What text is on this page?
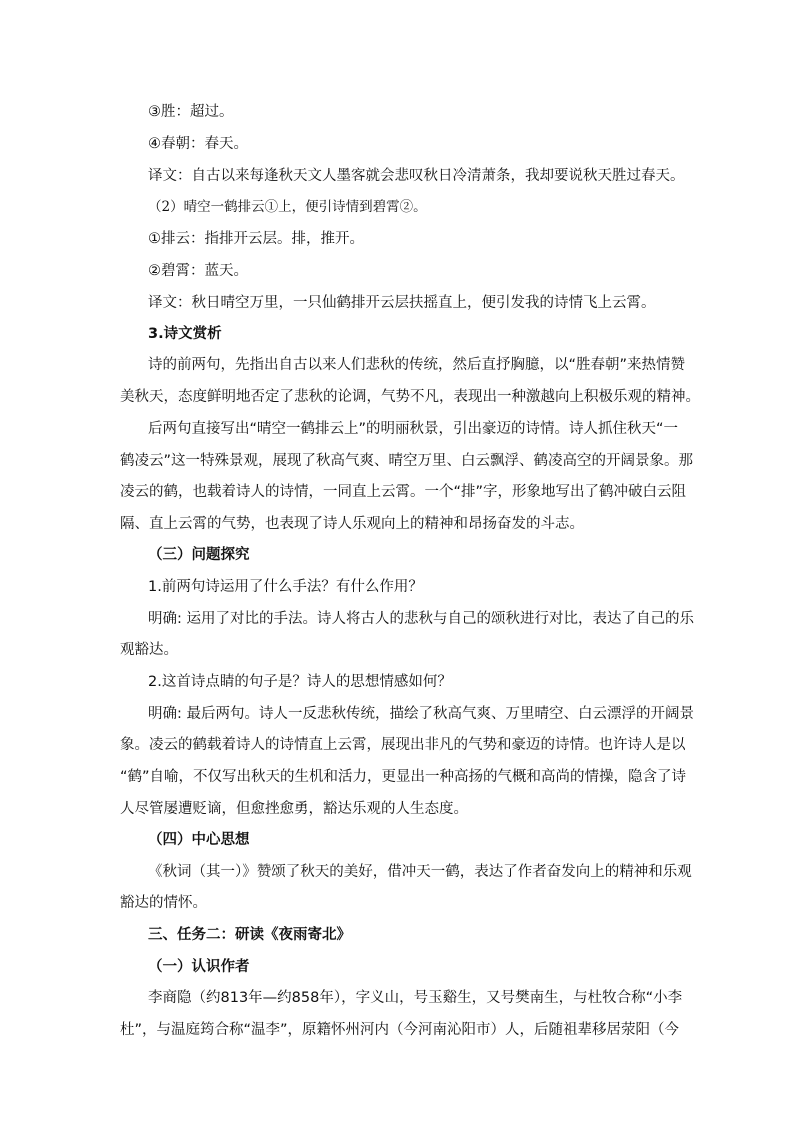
③胜：超过。
④春朝：春天。
译文：自古以来每逢秋天文人墨客就会悲叹秋日冷清萧条，我却要说秋天胜过春天。
（2）晴空一鹤排云①上，便引诗情到碧霄②。
①排云：指排开云层。排，推开。
②碧霄：蓝天。
译文：秋日晴空万里，一只仙鹤排开云层扶摇直上，便引发我的诗情飞上云霄。
3.诗文赏析
诗的前两句，先指出自古以来人们悲秋的传统，然后直抒胸臆，以“胜春朝”来热情赞
美秋天，态度鲜明地否定了悲秋的论调，气势不凡，表现出一种激越向上积极乐观的精神。
后两句直接写出“晴空一鹤排云上”的明丽秋景，引出豪迈的诗情。诗人抓住秋天“一
鹤凌云”这一特殊景观，展现了秋高气爽、晴空万里、白云飘浮、鹤凌高空的开阔景象。那
凌云的鹤，也载着诗人的诗情，一同直上云霄。一个“排”字，形象地写出了鹤冲破白云阻
隔、直上云霄的气势，也表现了诗人乐观向上的精神和昂扬奋发的斗志。
（三）问题探究
1.前两句诗运用了什么手法？有什么作用？
明确: 运用了对比的手法。诗人将古人的悲秋与自己的颂秋进行对比，表达了自己的乐
观豁达。
2.这首诗点睛的句子是？诗人的思想情感如何？
明确: 最后两句。诗人一反悲秋传统，描绘了秋高气爽、万里晴空、白云漂浮的开阔景
象。凌云的鹤载着诗人的诗情直上云霄，展现出非凡的气势和豪迈的诗情。也许诗人是以
“鹤”自喻，不仅写出秋天的生机和活力，更显出一种高扬的气概和高尚的情操，隐含了诗
人尽管屡遭贬谪，但愈挫愈勇，豁达乐观的人生态度。
（四）中心思想
《秋词（其一）》赞颂了秋天的美好，借冲天一鹤，表达了作者奋发向上的精神和乐观
豁达的情怀。
三、任务二：研读《夜雨寄北》
（一）认识作者
李商隐（约813年—约858年），字义山，号玉谿生，又号樊南生，与杜牧合称“小李
杜”，与温庭筠合称“温李”，原籍怀州河内（今河南沁阳市）人，后随祖辈移居荥阳（今
